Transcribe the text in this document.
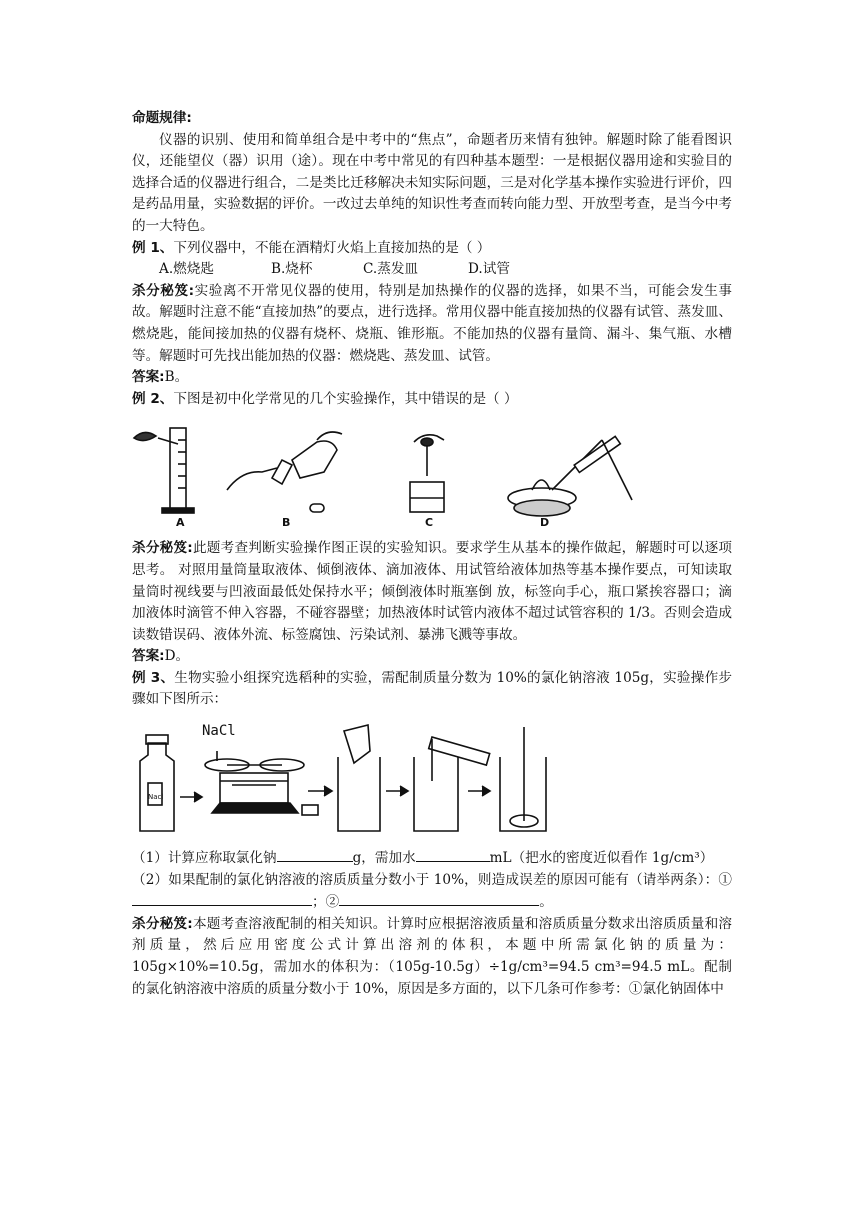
命题规律:

仪器的识别、使用和简单组合是中考中的“焦点”，命题者历来情有独钟。解题时除了能看图识仪，还能望仪（器）识用（途）。现在中考中常见的有四种基本题型：一是根据仪器用途和实验目的选择合适的仪器进行组合，二是类比迁移解决未知实际问题，三是对化学基本操作实验进行评价，四是药品用量，实验数据的评价。一改过去单纯的知识性考查而转向能力型、开放型考查，是当今中考的一大特色。

例 1、下列仪器中，不能在酒精灯火焰上直接加热的是（ ）

A.燃烧匙	B.烧杯	C.蒸发皿	D.试管

杀分秘笈:实验离不开常见仪器的使用，特别是加热操作的仪器的选择，如果不当，可能会发生事故。解题时注意不能“直接加热”的要点，进行选择。常用仪器中能直接加热的仪器有试管、蒸发皿、燃烧匙，能间接加热的仪器有烧杯、烧瓶、锥形瓶。不能加热的仪器有量筒、漏斗、集气瓶、水槽等。解题时可先找出能加热的仪器：燃烧匙、蒸发皿、试管。

答案:B。

例 2、下图是初中化学常见的几个实验操作，其中错误的是（ ）

A	B	C	D

杀分秘笈:此题考查判断实验操作图正误的实验知识。要求学生从基本的操作做起，解题时可以逐项思考。 对照用量筒量取液体、倾倒液体、滴加液体、用试管给液体加热等基本操作要点，可知读取量筒时视线要与凹液面最低处保持水平；倾倒液体时瓶塞倒 放，标签向手心，瓶口紧挨容器口；滴加液体时滴管不伸入容器，不碰容器壁；加热液体时试管内液体不超过试管容积的 1/3。否则会造成读数错误码、液体外流、标签腐蚀、污染试剂、暴沸飞溅等事故。

答案:D。

例 3、生物实验小组探究选稻种的实验，需配制质量分数为 10%的氯化钠溶液 105g，实验操作步骤如下图所示：

NaCl
Nacl

（1）计算应称取氯化钠	g，需加水	mL（把水的密度近似看作 1g/cm³）

（2）如果配制的氯化钠溶液的溶质质量分数小于 10%，则造成误差的原因可能有（请举两条）：①；②	。

杀分秘笈:本题考查溶液配制的相关知识。计算时应根据溶液质量和溶质质量分数求出溶质质量和溶剂质量，然后应用密度公式计算出溶剂的体积，本题中所需氯化钠的质量为：105g×10%=10.5g，需加水的体积为：（105g-10.5g）÷1g/cm³=94.5 cm³=94.5 mL。配制的氯化钠溶液中溶质的质量分数小于 10%，原因是多方面的，以下几条可作参考：①氯化钠固体中
